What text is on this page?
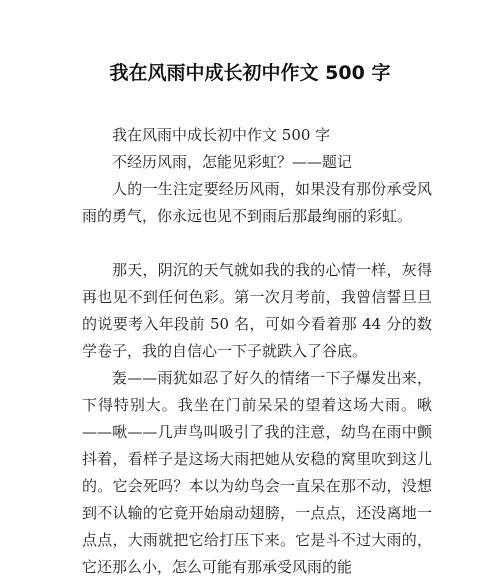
我在风雨中成长初中作文 500 字

我在风雨中成长初中作文 500 字

不经历风雨，怎能见彩虹？——题记

人的一生注定要经历风雨，如果没有那份承受风雨的勇气，你永远也见不到雨后那最绚丽的彩虹。

那天，阴沉的天气就如我的我的心情一样，灰得再也见不到任何色彩。第一次月考前，我曾信誓旦旦的说要考入年段前 50 名，可如今看着那 44 分的数学卷子，我的自信心一下子就跌入了谷底。

轰——雨犹如忍了好久的情绪一下子爆发出来，下得特别大。我坐在门前呆呆的望着这场大雨。啾——啾——几声鸟叫吸引了我的注意，幼鸟在雨中颤抖着，看样子是这场大雨把她从安稳的窝里吹到这儿的。它会死吗？本以为幼鸟会一直呆在那不动，没想到不认输的它竟开始扇动翅膀，一点点，还没离地一点点，大雨就把它给打压下来。它是斗不过大雨的，它还那么小，怎么可能有那承受风雨的能
